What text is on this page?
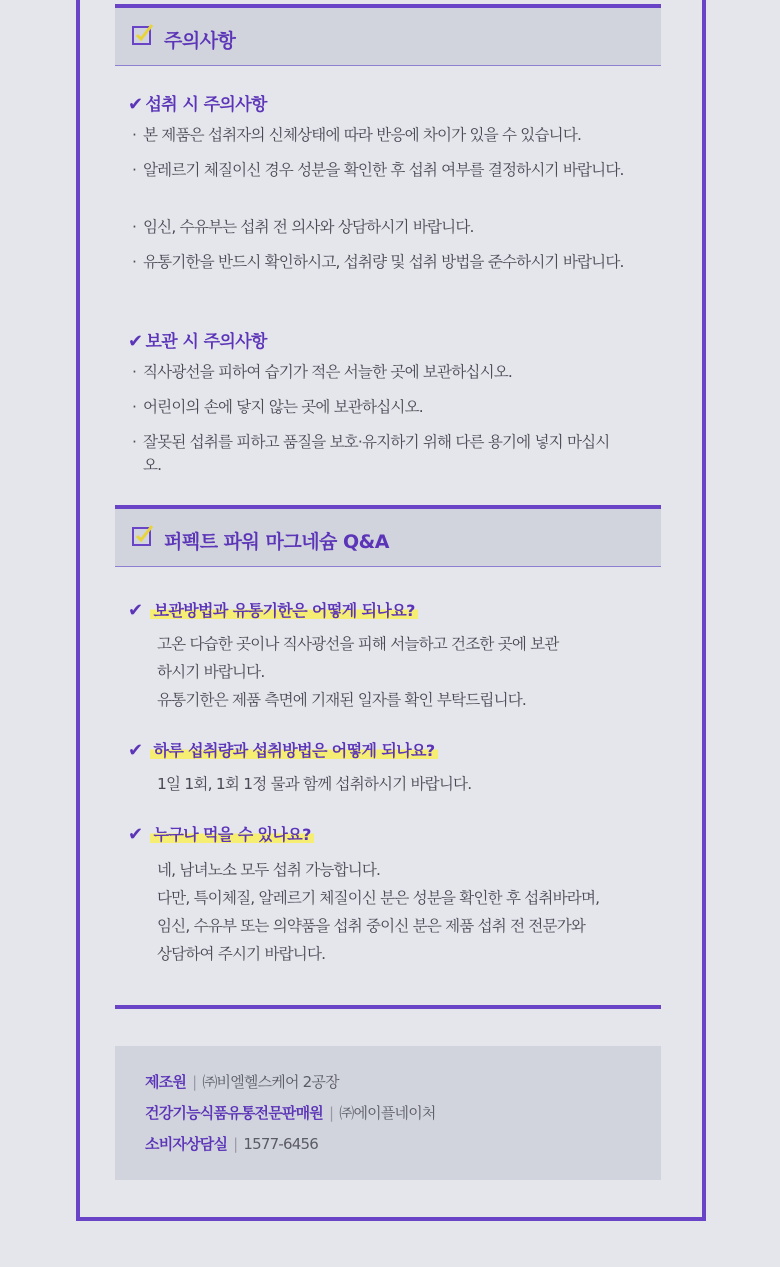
주의사항
✔ 섭취 시 주의사항
· 본 제품은 섭취자의 신체상태에 따라 반응에 차이가 있을 수 있습니다.
· 알레르기 체질이신 경우 성분을 확인한 후 섭취 여부를 결정하시기 바랍니다.
· 임신, 수유부는 섭취 전 의사와 상담하시기 바랍니다.
· 유통기한을 반드시 확인하시고, 섭취량 및 섭취 방법을 준수하시기 바랍니다.
✔ 보관 시 주의사항
· 직사광선을 피하여 습기가 적은 서늘한 곳에 보관하십시오.
· 어린이의 손에 닿지 않는 곳에 보관하십시오.
· 잘못된 섭취를 피하고 품질을 보호·유지하기 위해 다른 용기에 넣지 마십시오.
퍼펙트 파워 마그네슘 Q&A
✔ 보관방법과 유통기한은 어떻게 되나요?
고온 다습한 곳이나 직사광선을 피해 서늘하고 건조한 곳에 보관
하시기 바랍니다.
유통기한은 제품 측면에 기재된 일자를 확인 부탁드립니다.
✔ 하루 섭취량과 섭취방법은 어떻게 되나요?
1일 1회, 1회 1정 물과 함께 섭취하시기 바랍니다.
✔ 누구나 먹을 수 있나요?
네, 남녀노소 모두 섭취 가능합니다.
다만, 특이체질, 알레르기 체질이신 분은 성분을 확인한 후 섭취바라며,
임신, 수유부 또는 의약품을 섭취 중이신 분은 제품 섭취 전 전문가와
상담하여 주시기 바랍니다.
제조원 | ㈜비엘헬스케어 2공장
건강기능식품유통전문판매원 | ㈜에이플네이처
소비자상담실 | 1577-6456
